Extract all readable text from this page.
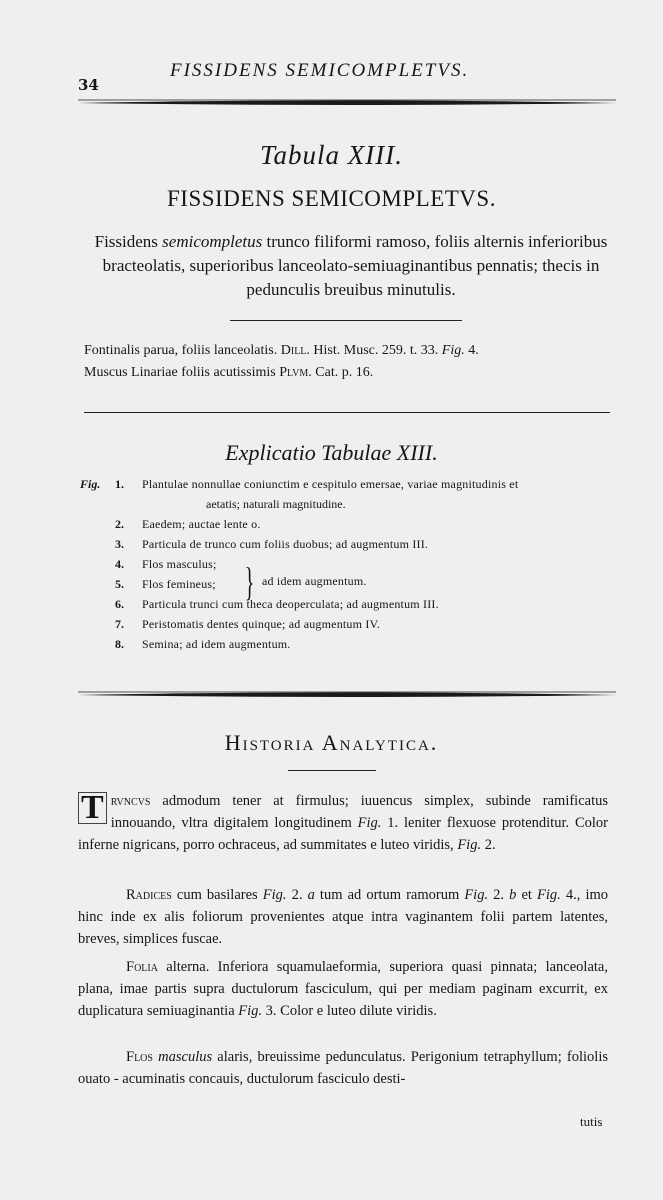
34
FISSIDENS SEMICOMPLETVS.
Tabula XIII.
FISSIDENS SEMICOMPLETVS.
Fissidens semicompletus trunco filiformi ramoso, foliis alternis inferioribus bracteolatis, superioribus lanceolato-semiuaginantibus pennatis; thecis in pedunculis breuibus minutulis.
Fontinalis parua, foliis lanceolatis. Dill. Hist. Musc. 259. t. 33. Fig. 4.
Muscus Linariae foliis acutissimis Plvm. Cat. p. 16.
Explicatio Tabulae XIII.
Fig. 1. Plantulae nonnullae coniunctim e cespitulo emersae, variae magnitudinis et
aetatis; naturali magnitudine.
2. Eaedem; auctae lente o.
3. Particula de trunco cum foliis duobus; ad augmentum III.
4. Flos masculus;
5. Flos femineus;
6. Particula trunci cum theca deoperculata; ad augmentum III.
7. Peristomatis dentes quinque; ad augmentum IV.
8. Semina; ad idem augmentum.
} ad idem augmentum.
Historia Analytica.
T rvncvs admodum tener at firmulus; iuuencus simplex, subinde ramificatus innouando, vltra digitalem longitudinem Fig. 1. leniter flexuose protenditur. Color inferne nigricans, porro ochraceus, ad summitates e luteo viridis, Fig. 2.
Radices cum basilares Fig. 2. a tum ad ortum ramorum Fig. 2. b et Fig. 4., imo hinc inde ex alis foliorum provenientes atque intra vaginantem folii partem latentes, breves, simplices fuscae.
Folia alterna. Inferiora squamulaeformia, superiora quasi pinnata; lanceolata, plana, imae partis supra ductulorum fasciculum, qui per mediam paginam excurrit, ex duplicatura semiuaginantia Fig. 3. Color e luteo dilute viridis.
Flos masculus alaris, breuissime pedunculatus. Perigonium tetraphyllum; foliolis ouato - acuminatis concauis, ductulorum fasciculo desti-
tutis
